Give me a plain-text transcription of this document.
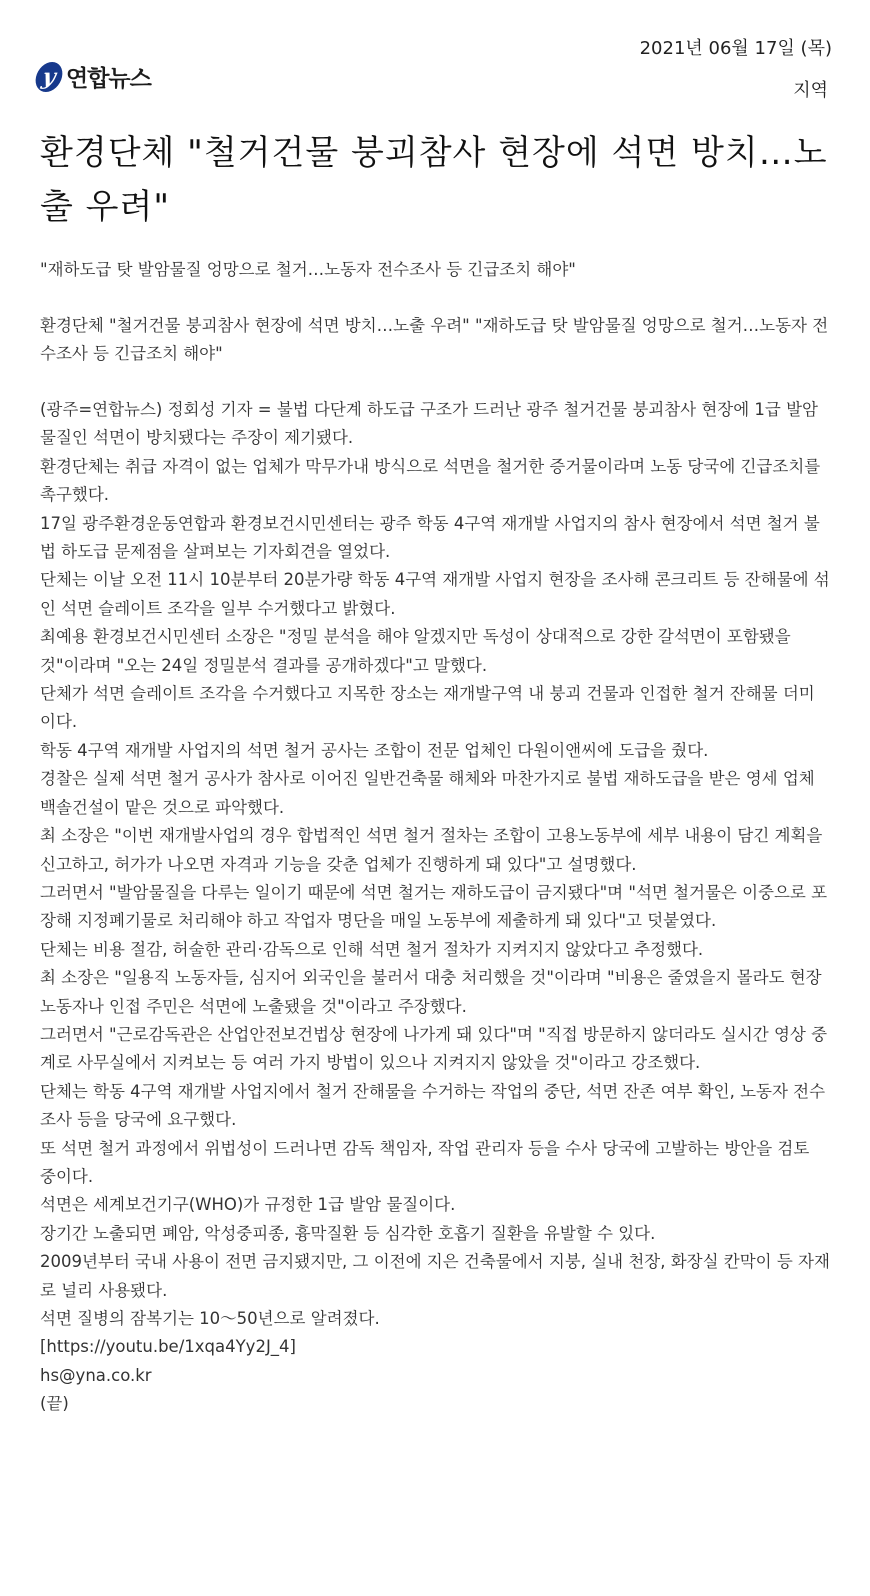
y 연합뉴스
2021년 06월 17일 (목)
지역
환경단체 "철거건물 붕괴참사 현장에 석면 방치…노출 우려"

"재하도급 탓 발암물질 엉망으로 철거…노동자 전수조사 등 긴급조치 해야"

환경단체 "철거건물 붕괴참사 현장에 석면 방치…노출 우려" "재하도급 탓 발암물질 엉망으로 철거…노동자 전수조사 등 긴급조치 해야"

(광주=연합뉴스) 정회성 기자 = 불법 다단계 하도급 구조가 드러난 광주 철거건물 붕괴참사 현장에 1급 발암물질인 석면이 방치됐다는 주장이 제기됐다.

환경단체는 취급 자격이 없는 업체가 막무가내 방식으로 석면을 철거한 증거물이라며 노동 당국에 긴급조치를 촉구했다.

17일 광주환경운동연합과 환경보건시민센터는 광주 학동 4구역 재개발 사업지의 참사 현장에서 석면 철거 불법 하도급 문제점을 살펴보는 기자회견을 열었다.

단체는 이날 오전 11시 10분부터 20분가량 학동 4구역 재개발 사업지 현장을 조사해 콘크리트 등 잔해물에 섞인 석면 슬레이트 조각을 일부 수거했다고 밝혔다.

최예용 환경보건시민센터 소장은 "정밀 분석을 해야 알겠지만 독성이 상대적으로 강한 갈석면이 포함됐을 것"이라며 "오는 24일 정밀분석 결과를 공개하겠다"고 말했다.

단체가 석면 슬레이트 조각을 수거했다고 지목한 장소는 재개발구역 내 붕괴 건물과 인접한 철거 잔해물 더미이다.

학동 4구역 재개발 사업지의 석면 철거 공사는 조합이 전문 업체인 다원이앤씨에 도급을 줬다.

경찰은 실제 석면 철거 공사가 참사로 이어진 일반건축물 해체와 마찬가지로 불법 재하도급을 받은 영세 업체 백솔건설이 맡은 것으로 파악했다.

최 소장은 "이번 재개발사업의 경우 합법적인 석면 철거 절차는 조합이 고용노동부에 세부 내용이 담긴 계획을 신고하고, 허가가 나오면 자격과 기능을 갖춘 업체가 진행하게 돼 있다"고 설명했다.

그러면서 "발암물질을 다루는 일이기 때문에 석면 철거는 재하도급이 금지됐다"며 "석면 철거물은 이중으로 포장해 지정폐기물로 처리해야 하고 작업자 명단을 매일 노동부에 제출하게 돼 있다"고 덧붙였다.

단체는 비용 절감, 허술한 관리·감독으로 인해 석면 철거 절차가 지켜지지 않았다고 추정했다.

최 소장은 "일용직 노동자들, 심지어 외국인을 불러서 대충 처리했을 것"이라며 "비용은 줄였을지 몰라도 현장 노동자나 인접 주민은 석면에 노출됐을 것"이라고 주장했다.

그러면서 "근로감독관은 산업안전보건법상 현장에 나가게 돼 있다"며 "직접 방문하지 않더라도 실시간 영상 중계로 사무실에서 지켜보는 등 여러 가지 방법이 있으나 지켜지지 않았을 것"이라고 강조했다.

단체는 학동 4구역 재개발 사업지에서 철거 잔해물을 수거하는 작업의 중단, 석면 잔존 여부 확인, 노동자 전수 조사 등을 당국에 요구했다.

또 석면 철거 과정에서 위법성이 드러나면 감독 책임자, 작업 관리자 등을 수사 당국에 고발하는 방안을 검토 중이다.

석면은 세계보건기구(WHO)가 규정한 1급 발암 물질이다.

장기간 노출되면 폐암, 악성중피종, 흉막질환 등 심각한 호흡기 질환을 유발할 수 있다.

2009년부터 국내 사용이 전면 금지됐지만, 그 이전에 지은 건축물에서 지붕, 실내 천장, 화장실 칸막이 등 자재로 널리 사용됐다.

석면 질병의 잠복기는 10～50년으로 알려졌다.

[https://youtu.be/1xqa4Yy2J_4]

hs@yna.co.kr

(끝)
